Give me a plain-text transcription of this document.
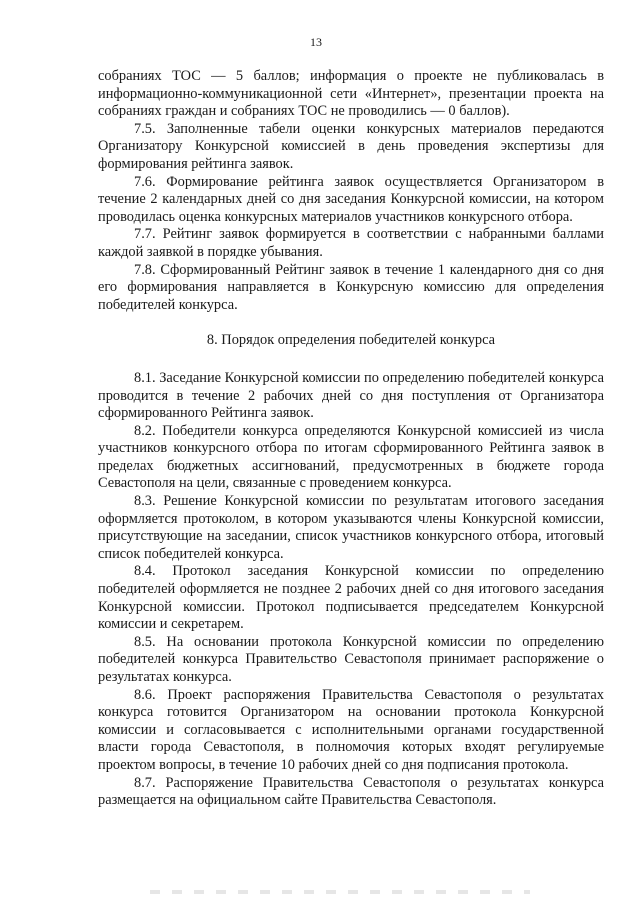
13

собраниях ТОС — 5 баллов; информация о проекте не публиковалась в информационно-коммуникационной сети «Интернет», презентации проекта на собраниях граждан и собраниях ТОС не проводились — 0 баллов).

7.5. Заполненные табели оценки конкурсных материалов передаются Организатору Конкурсной комиссией в день проведения экспертизы для формирования рейтинга заявок.

7.6. Формирование рейтинга заявок осуществляется Организатором в течение 2 календарных дней со дня заседания Конкурсной комиссии, на котором проводилась оценка конкурсных материалов участников конкурсного отбора.

7.7. Рейтинг заявок формируется в соответствии с набранными баллами каждой заявкой в порядке убывания.

7.8. Сформированный Рейтинг заявок в течение 1 календарного дня со дня его формирования направляется в Конкурсную комиссию для определения победителей конкурса.

8. Порядок определения победителей конкурса

8.1. Заседание Конкурсной комиссии по определению победителей конкурса проводится в течение 2 рабочих дней со дня поступления от Организатора сформированного Рейтинга заявок.

8.2. Победители конкурса определяются Конкурсной комиссией из числа участников конкурсного отбора по итогам сформированного Рейтинга заявок в пределах бюджетных ассигнований, предусмотренных в бюджете города Севастополя на цели, связанные с проведением конкурса.

8.3. Решение Конкурсной комиссии по результатам итогового заседания оформляется протоколом, в котором указываются члены Конкурсной комиссии, присутствующие на заседании, список участников конкурсного отбора, итоговый список победителей конкурса.

8.4. Протокол заседания Конкурсной комиссии по определению победителей оформляется не позднее 2 рабочих дней со дня итогового заседания Конкурсной комиссии. Протокол подписывается председателем Конкурсной комиссии и секретарем.

8.5. На основании протокола Конкурсной комиссии по определению победителей конкурса Правительство Севастополя принимает распоряжение о результатах конкурса.

8.6. Проект распоряжения Правительства Севастополя о результатах конкурса готовится Организатором на основании протокола Конкурсной комиссии и согласовывается с исполнительными органами государственной власти города Севастополя, в полномочия которых входят регулируемые проектом вопросы, в течение 10 рабочих дней со дня подписания протокола.

8.7. Распоряжение Правительства Севастополя о результатах конкурса размещается на официальном сайте Правительства Севастополя.
